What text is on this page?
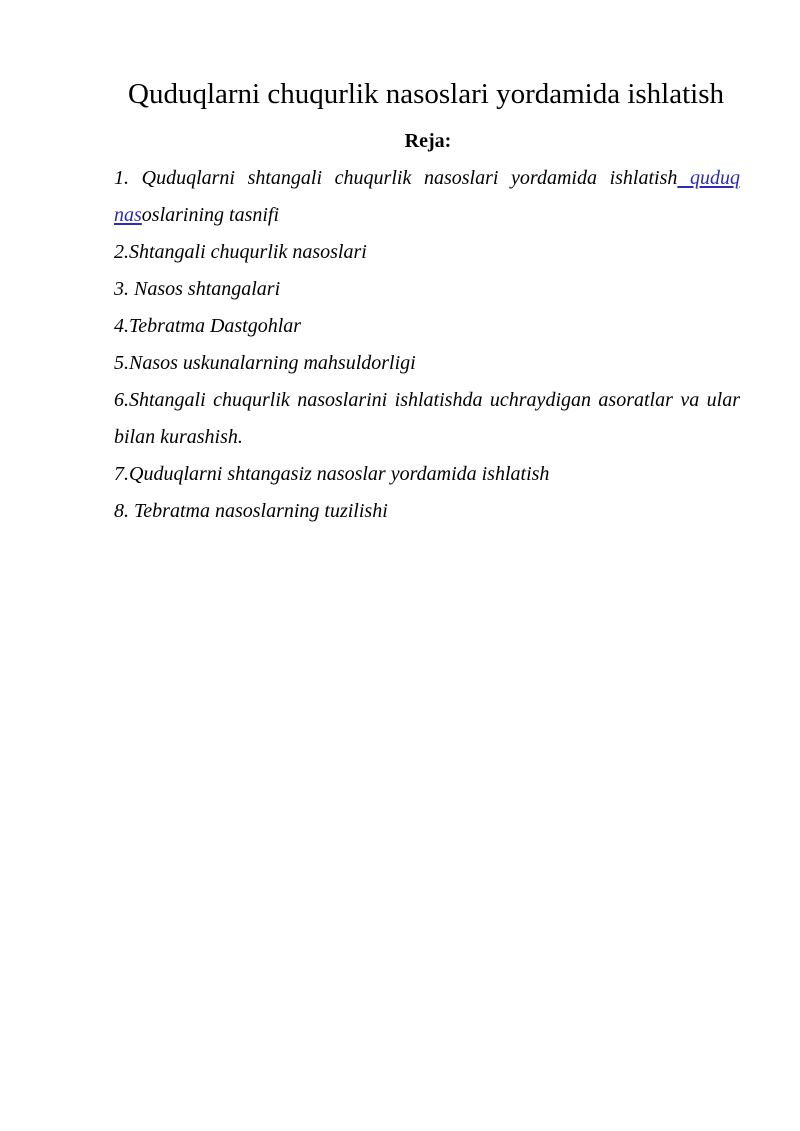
Quduqlarni chuqurlik nasoslari yordamida ishlatish
Reja:
1. Quduqlarni shtangali chuqurlik nasoslari yordamida ishlatish quduq nasoslarining tasnifi
2.Shtangali chuqurlik nasoslari
3. Nasos shtangalari
4.Tebratma Dastgohlar
5.Nasos uskunalarning mahsuldorligi
6.Shtangali chuqurlik nasoslarini ishlatishda uchraydigan asoratlar va ular bilan kurashish.
7.Quduqlarni shtangasiz nasoslar yordamida ishlatish
8. Tebratma nasoslarning tuzilishi
